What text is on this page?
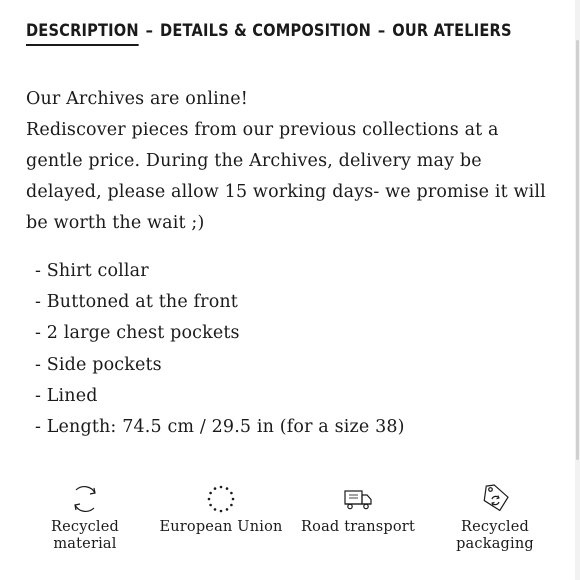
DESCRIPTION – DETAILS & COMPOSITION – OUR ATELIERS

Our Archives are online!

Rediscover pieces from our previous collections at a gentle price. During the Archives, delivery may be delayed, please allow 15 working days- we promise it will be worth the wait ;)

- Shirt collar
- Buttoned at the front
- 2 large chest pockets
- Side pockets
- Lined
- Length: 74.5 cm / 29.5 in (for a size 38)
Recycled
material
European Union	Road transport	Recycled
packaging
